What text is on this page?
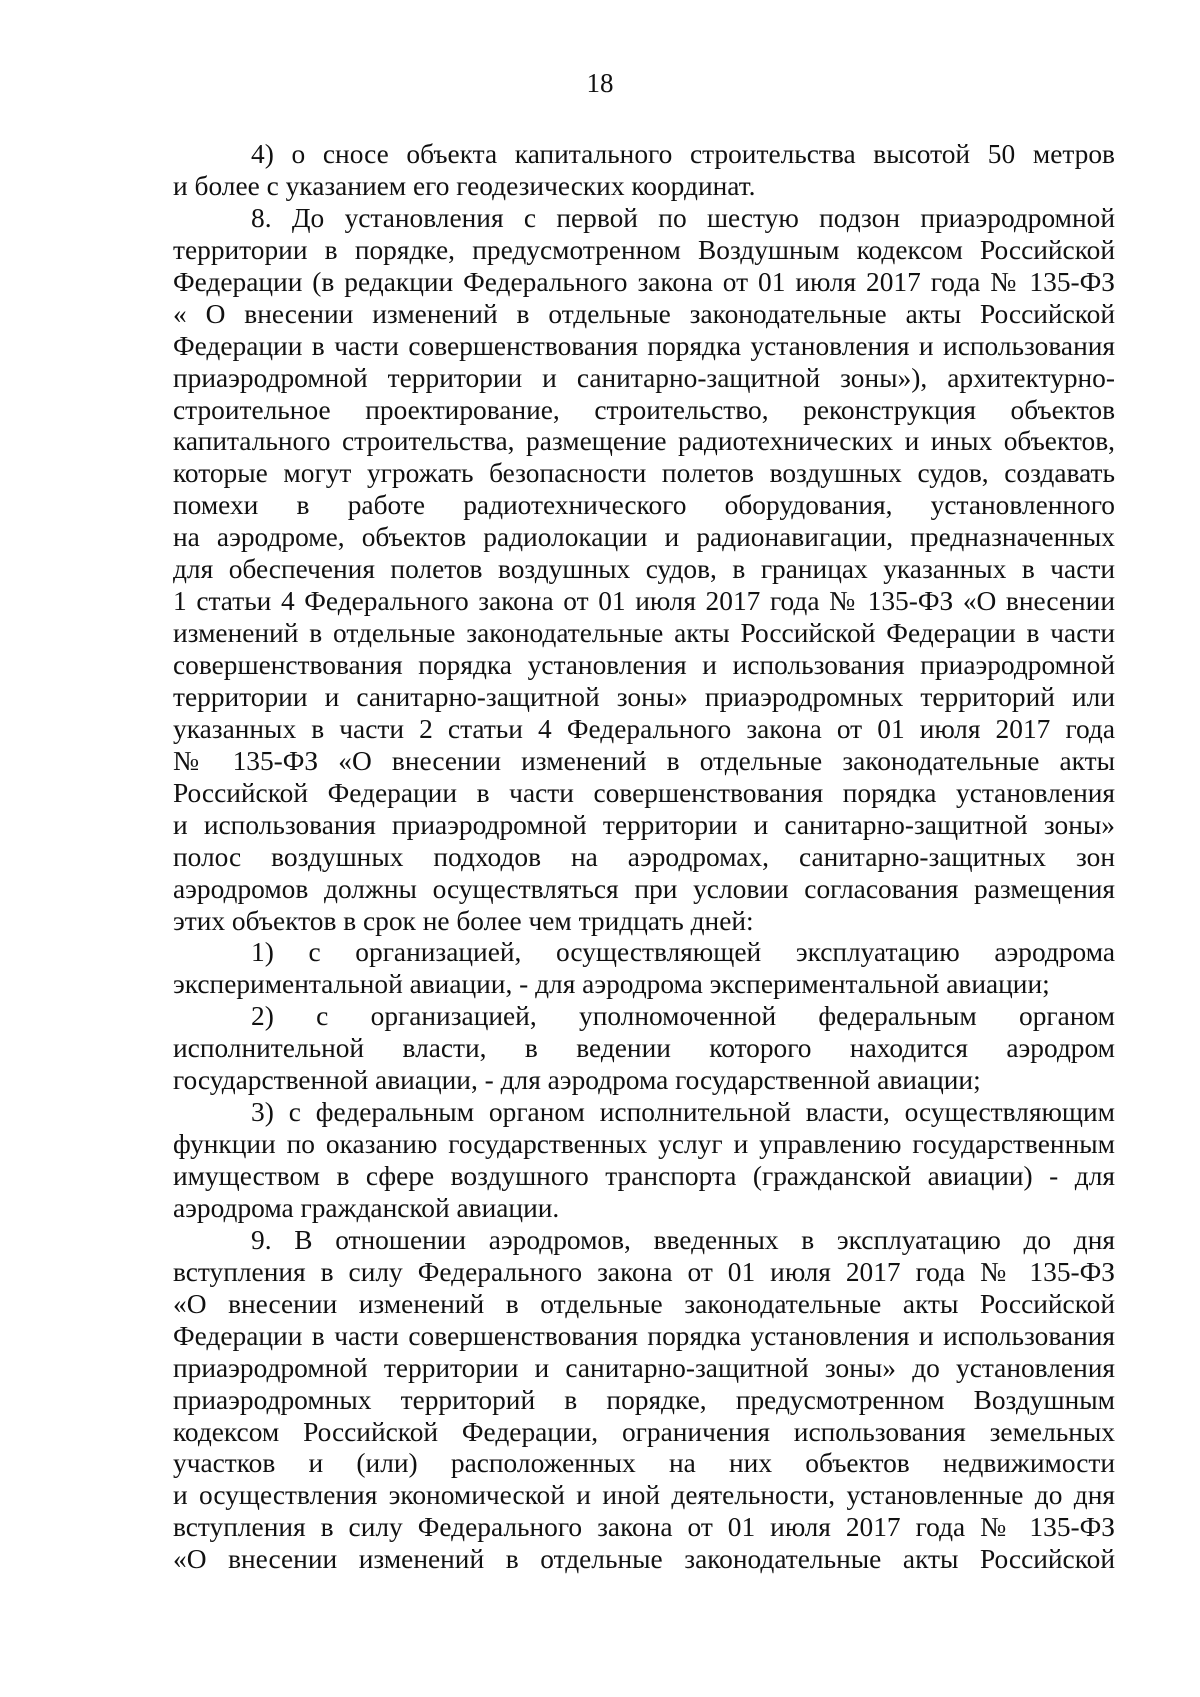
18
4) о сносе объекта капитального строительства высотой 50 метров
и более с указанием его геодезических координат.
8. До установления с первой по шестую подзон приаэродромной
территории в порядке, предусмотренном Воздушным кодексом Российской
Федерации (в редакции Федерального закона от 01 июля 2017 года № 135-ФЗ
« О внесении изменений в отдельные законодательные акты Российской
Федерации в части совершенствования порядка установления и использования
приаэродромной территории и санитарно-защитной зоны»), архитектурно-
строительное проектирование, строительство, реконструкция объектов
капитального строительства, размещение радиотехнических и иных объектов,
которые могут угрожать безопасности полетов воздушных судов, создавать
помехи в работе радиотехнического оборудования, установленного
на аэродроме, объектов радиолокации и радионавигации, предназначенных
для обеспечения полетов воздушных судов, в границах указанных в части
1 статьи 4 Федерального закона от 01 июля 2017 года № 135-ФЗ «О внесении
изменений в отдельные законодательные акты Российской Федерации в части
совершенствования порядка установления и использования приаэродромной
территории и санитарно-защитной зоны» приаэродромных территорий или
указанных в части 2 статьи 4 Федерального закона от 01 июля 2017 года
№ 135-ФЗ «О внесении изменений в отдельные законодательные акты
Российской Федерации в части совершенствования порядка установления
и использования приаэродромной территории и санитарно-защитной зоны»
полос воздушных подходов на аэродромах, санитарно-защитных зон
аэродромов должны осуществляться при условии согласования размещения
этих объектов в срок не более чем тридцать дней:
1) с организацией, осуществляющей эксплуатацию аэродрома
экспериментальной авиации, - для аэродрома экспериментальной авиации;
2) с организацией, уполномоченной федеральным органом
исполнительной власти, в ведении которого находится аэродром
государственной авиации, - для аэродрома государственной авиации;
3) с федеральным органом исполнительной власти, осуществляющим
функции по оказанию государственных услуг и управлению государственным
имуществом в сфере воздушного транспорта (гражданской авиации) - для
аэродрома гражданской авиации.
9. В отношении аэродромов, введенных в эксплуатацию до дня
вступления в силу Федерального закона от 01 июля 2017 года № 135-ФЗ
«О внесении изменений в отдельные законодательные акты Российской
Федерации в части совершенствования порядка установления и использования
приаэродромной территории и санитарно-защитной зоны» до установления
приаэродромных территорий в порядке, предусмотренном Воздушным
кодексом Российской Федерации, ограничения использования земельных
участков и (или) расположенных на них объектов недвижимости
и осуществления экономической и иной деятельности, установленные до дня
вступления в силу Федерального закона от 01 июля 2017 года № 135-ФЗ
«О внесении изменений в отдельные законодательные акты Российской
